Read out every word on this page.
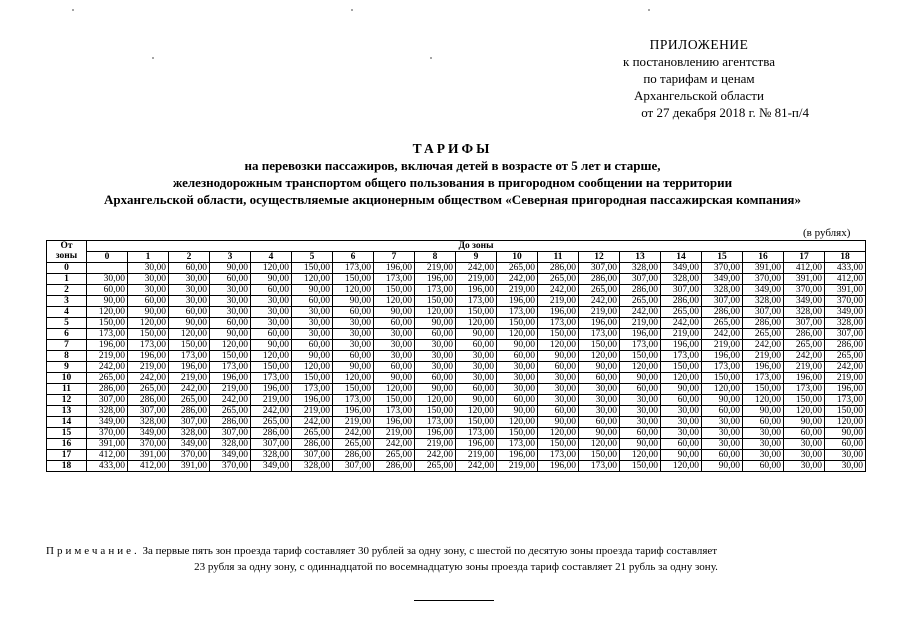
ПРИЛОЖЕНИЕ
к постановлению агентства
по тарифам и ценам
Архангельской области
от 27 декабря 2018 г. № 81-п/4
ТАРИФЫ
на перевозки пассажиров, включая детей в возрасте от 5 лет и старше,
железнодорожным транспортом общего пользования в пригородном сообщении на территории
Архангельской области, осуществляемые акционерным обществом «Северная пригородная пассажирская компания»
(в рублях)
От
зоны	До зоны																		
	0	1	2	3	4	5	6	7	8	9	10	11	12	13	14	15	16	17	18
0		30,00	60,00	90,00	120,00	150,00	173,00	196,00	219,00	242,00	265,00	286,00	307,00	328,00	349,00	370,00	391,00	412,00	433,00
1	30,00	30,00	30,00	60,00	90,00	120,00	150,00	173,00	196,00	219,00	242,00	265,00	286,00	307,00	328,00	349,00	370,00	391,00	412,00
2	60,00	30,00	30,00	30,00	60,00	90,00	120,00	150,00	173,00	196,00	219,00	242,00	265,00	286,00	307,00	328,00	349,00	370,00	391,00
3	90,00	60,00	30,00	30,00	30,00	60,00	90,00	120,00	150,00	173,00	196,00	219,00	242,00	265,00	286,00	307,00	328,00	349,00	370,00
4	120,00	90,00	60,00	30,00	30,00	30,00	60,00	90,00	120,00	150,00	173,00	196,00	219,00	242,00	265,00	286,00	307,00	328,00	349,00
5	150,00	120,00	90,00	60,00	30,00	30,00	30,00	60,00	90,00	120,00	150,00	173,00	196,00	219,00	242,00	265,00	286,00	307,00	328,00
6	173,00	150,00	120,00	90,00	60,00	30,00	30,00	30,00	60,00	90,00	120,00	150,00	173,00	196,00	219,00	242,00	265,00	286,00	307,00
7	196,00	173,00	150,00	120,00	90,00	60,00	30,00	30,00	30,00	60,00	90,00	120,00	150,00	173,00	196,00	219,00	242,00	265,00	286,00
8	219,00	196,00	173,00	150,00	120,00	90,00	60,00	30,00	30,00	30,00	60,00	90,00	120,00	150,00	173,00	196,00	219,00	242,00	265,00
9	242,00	219,00	196,00	173,00	150,00	120,00	90,00	60,00	30,00	30,00	30,00	60,00	90,00	120,00	150,00	173,00	196,00	219,00	242,00
10	265,00	242,00	219,00	196,00	173,00	150,00	120,00	90,00	60,00	30,00	30,00	30,00	60,00	90,00	120,00	150,00	173,00	196,00	219,00
11	286,00	265,00	242,00	219,00	196,00	173,00	150,00	120,00	90,00	60,00	30,00	30,00	30,00	60,00	90,00	120,00	150,00	173,00	196,00
12	307,00	286,00	265,00	242,00	219,00	196,00	173,00	150,00	120,00	90,00	60,00	30,00	30,00	30,00	60,00	90,00	120,00	150,00	173,00
13	328,00	307,00	286,00	265,00	242,00	219,00	196,00	173,00	150,00	120,00	90,00	60,00	30,00	30,00	30,00	60,00	90,00	120,00	150,00
14	349,00	328,00	307,00	286,00	265,00	242,00	219,00	196,00	173,00	150,00	120,00	90,00	60,00	30,00	30,00	30,00	60,00	90,00	120,00
15	370,00	349,00	328,00	307,00	286,00	265,00	242,00	219,00	196,00	173,00	150,00	120,00	90,00	60,00	30,00	30,00	30,00	60,00	90,00
16	391,00	370,00	349,00	328,00	307,00	286,00	265,00	242,00	219,00	196,00	173,00	150,00	120,00	90,00	60,00	30,00	30,00	30,00	60,00
17	412,00	391,00	370,00	349,00	328,00	307,00	286,00	265,00	242,00	219,00	196,00	173,00	150,00	120,00	90,00	60,00	30,00	30,00	30,00
18	433,00	412,00	391,00	370,00	349,00	328,00	307,00	286,00	265,00	242,00	219,00	196,00	173,00	150,00	120,00	90,00	60,00	30,00	30,00
Примечание. За первые пять зон проезда тариф составляет 30 рублей за одну зону, с шестой по десятую зоны проезда тариф составляет
23 рубля за одну зону, с одиннадцатой по восемнадцатую зоны проезда тариф составляет 21 рубль за одну зону.
